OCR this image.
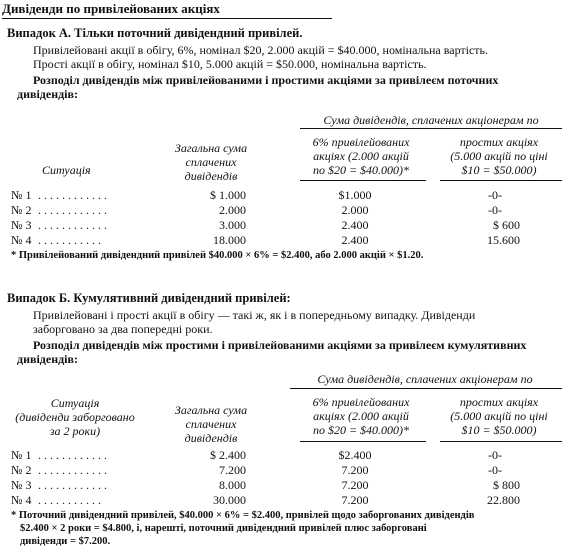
Дивіденди по привілейованих акціях
Випадок А. Тільки поточний дивідендний привілей.
Привілейовані акції в обігу, 6%, номінал $20, 2.000 акцій = $40.000, номінальна вартість.
Прості акції в обігу, номінал $10, 5.000 акцій = $50.000, номінальна вартість.
Розподіл дивідендів між привілейованими і простими акціями за привілеєм поточних
дивідендів:
Сума дивідендів, сплачених акціонерам по
Загальна сума
сплачених
дивідендів
Ситуація
6% привілейованих
акціях (2.000 акцій
по $20 = $40.000)*
простих акціях
(5.000 акцій по ціні
$10 = $50.000)
№ 1 . . . . . . . . . . . .	$ 1.000	$1.000	-0-
№ 2 . . . . . . . . . . . .	2.000	2.000	-0-
№ 3 . . . . . . . . . . . .	3.000	2.400	$ 600
№ 4 . . . . . . . . . . .	18.000	2.400	15.600
* Привілейований дивідендний привілей $40.000 × 6% = $2.400, або 2.000 акцій × $1.20.
Випадок Б. Кумулятивний дивідендний привілей:
Привілейовані і прості акції в обігу — такі ж, як і в попередньому випадку. Дивіденди
заборговано за два попередні роки.
Розподіл дивідендів між простими і привілейованими акціями за привілеєм кумулятивних
дивідендів:
Сума дивідендів, сплачених акціонерам по
Ситуація
(дивіденди заборговано
за 2 роки)
Загальна сума
сплачених
дивідендів
6% привілейованих
акціях (2.000 акцій
по $20 = $40.000)*
простих акціях
(5.000 акцій по ціні
$10 = $50.000)
№ 1 . . . . . . . . . . . .	$ 2.400	$2.400	-0-
№ 2 . . . . . . . . . . . .	7.200	7.200	-0-
№ 3 . . . . . . . . . . . .	8.000	7.200	$ 800
№ 4 . . . . . . . . . . .	30.000	7.200	22.800
* Поточний дивідендний привілей, $40.000 × 6% = $2.400, привілей щодо заборгованих дивідендів
$2.400 × 2 роки = $4.800, і, нарешті, поточний дивідендний привілей плюс заборговані
дивіденди = $7.200.
